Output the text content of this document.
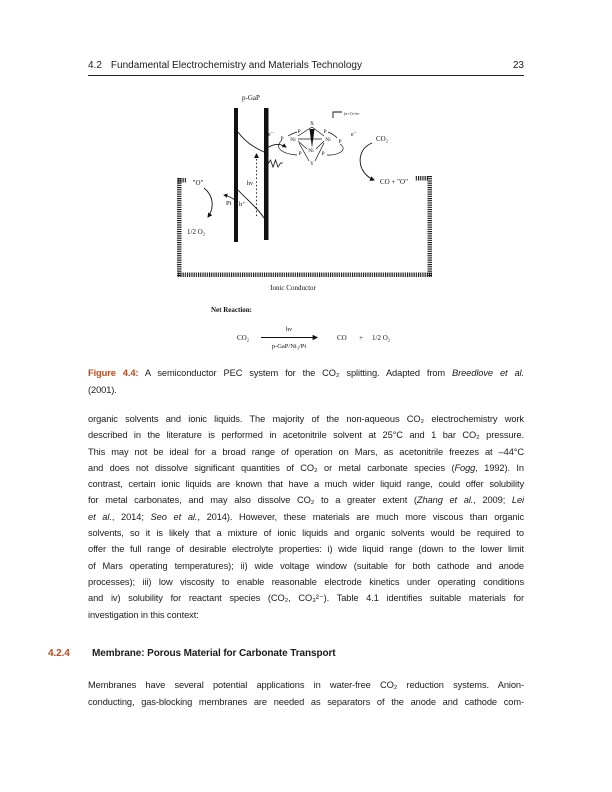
4.2 Fundamental Electrochemistry and Materials Technology	23
p-GaP
hν
e⁻
X
P	P
P Ni	Ni P
Ni
P	P
Y
(n+1)+/n+
e⁻	CO₂
CO + "O"
"O"
1/2 O₂
Pt h⁺
Ionic Conductor
Net Reaction:
CO₂
hν
p-GaP/Ni₃/Pt
CO + 1/2 O₂
Figure 4.4: A semiconductor PEC system for the CO₂ splitting. Adapted from Breedlove et al.
(2001).
organic solvents and ionic liquids. The majority of the non-aqueous CO₂ electrochemistry work
described in the literature is performed in acetonitrile solvent at 25°C and 1 bar CO₂ pressure.
This may not be ideal for a broad range of operation on Mars, as acetonitrile freezes at –44°C
and does not dissolve significant quantities of CO₂ or metal carbonate species (Fogg, 1992). In
contrast, certain ionic liquids are known that have a much wider liquid range, could offer solubility
for metal carbonates, and may also dissolve CO₂ to a greater extent (Zhang et al., 2009; Lei
et al., 2014; Seo et al., 2014). However, these materials are much more viscous than organic
solvents, so it is likely that a mixture of ionic liquids and organic solvents would be required to
offer the full range of desirable electrolyte properties: i) wide liquid range (down to the lower limit
of Mars operating temperatures); ii) wide voltage window (suitable for both cathode and anode
processes); iii) low viscosity to enable reasonable electrode kinetics under operating conditions
and iv) solubility for reactant species (CO₂, CO₃²⁻). Table 4.1 identifies suitable materials for
investigation in this context:
4.2.4 Membrane: Porous Material for Carbonate Transport
Membranes have several potential applications in water-free CO₂ reduction systems. Anion-
conducting, gas-blocking membranes are needed as separators of the anode and cathode com-
